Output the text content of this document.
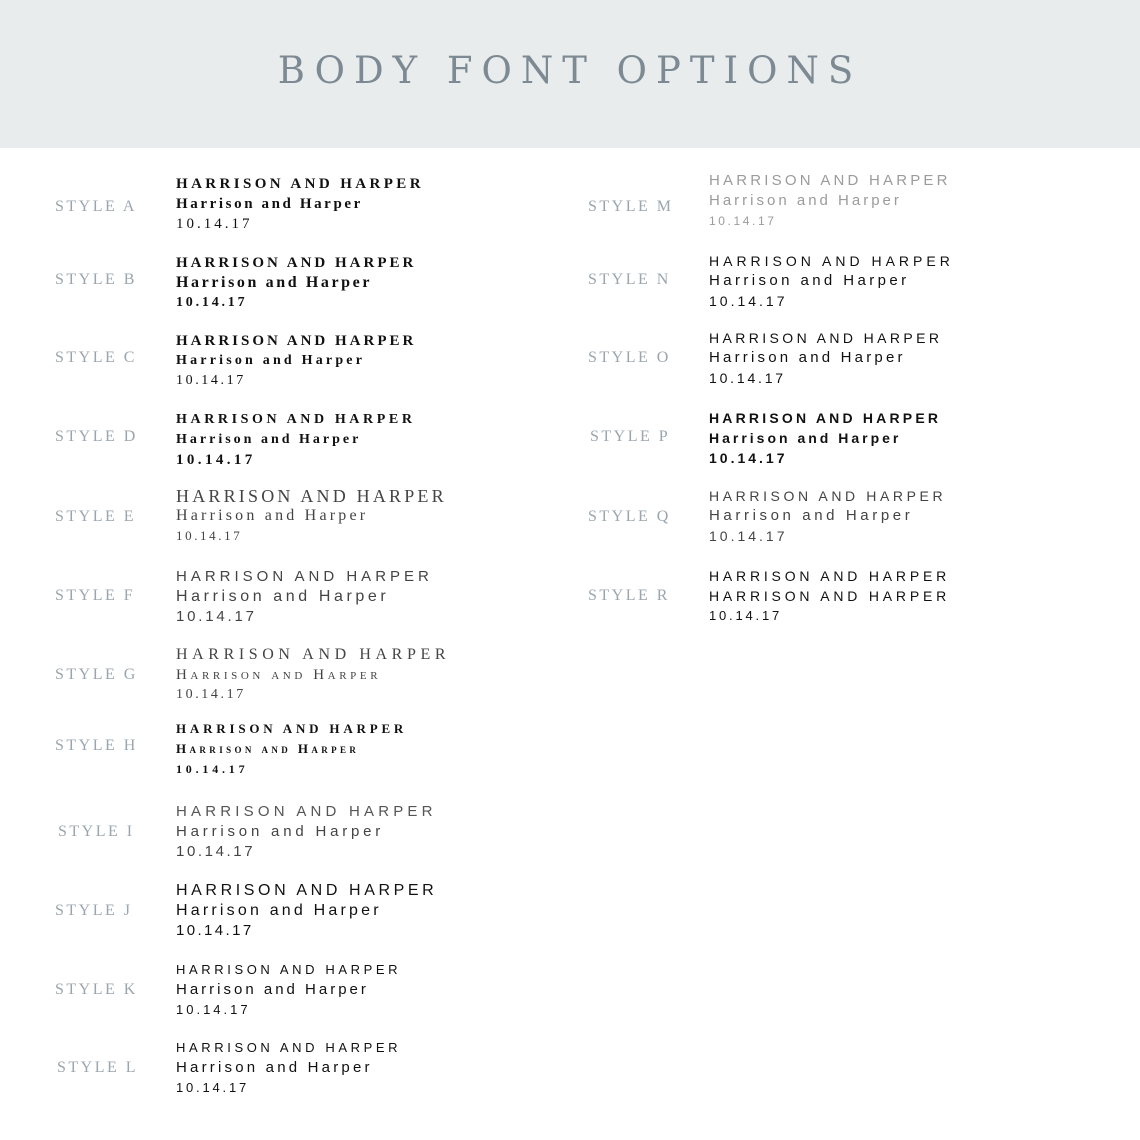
BODY FONT OPTIONS
STYLE A
HARRISON AND HARPER
Harrison and Harper
10.14.17
STYLE B
HARRISON AND HARPER
Harrison and Harper
10.14.17
STYLE C
HARRISON AND HARPER
Harrison and Harper
10.14.17
STYLE D
HARRISON AND HARPER
Harrison and Harper
10.14.17
STYLE E
HARRISON AND HARPER
Harrison and Harper
10.14.17
STYLE F
HARRISON AND HARPER
Harrison and Harper
10.14.17
STYLE G
HARRISON AND HARPER
Harrison and Harper
10.14.17
STYLE H
HARRISON AND HARPER
Harrison and Harper
10.14.17
STYLE I
HARRISON AND HARPER
Harrison and Harper
10.14.17
STYLE J
HARRISON AND HARPER
Harrison and Harper
10.14.17
STYLE K
HARRISON AND HARPER
Harrison and Harper
10.14.17
STYLE L
HARRISON AND HARPER
Harrison and Harper
10.14.17
STYLE M
HARRISON AND HARPER
Harrison and Harper
10.14.17
STYLE N
HARRISON AND HARPER
Harrison and Harper
10.14.17
STYLE O
HARRISON AND HARPER
Harrison and Harper
10.14.17
STYLE P
HARRISON AND HARPER
Harrison and Harper
10.14.17
STYLE Q
HARRISON AND HARPER
Harrison and Harper
10.14.17
STYLE R
HARRISON AND HARPER
HARRISON AND HARPER
10.14.17
